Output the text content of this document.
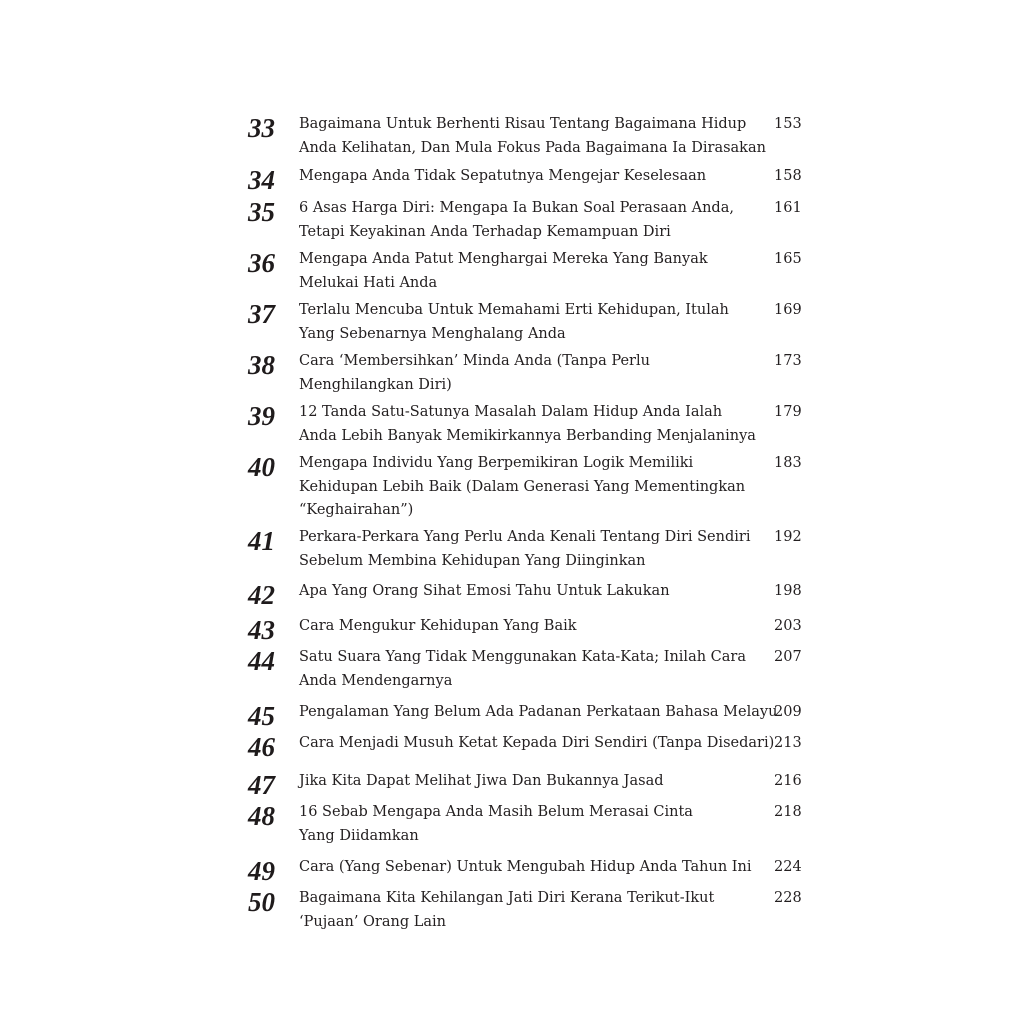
33 Bagaimana Untuk Berhenti Risau Tentang Bagaimana Hidup
Anda Kelihatan, Dan Mula Fokus Pada Bagaimana Ia Dirasakan
153
34 Mengapa Anda Tidak Sepatutnya Mengejar Keselesaan	158
35 6 Asas Harga Diri: Mengapa Ia Bukan Soal Perasaan Anda,
Tetapi Keyakinan Anda Terhadap Kemampuan Diri
161
36 Mengapa Anda Patut Menghargai Mereka Yang Banyak
Melukai Hati Anda
165
37 Terlalu Mencuba Untuk Memahami Erti Kehidupan, Itulah
Yang Sebenarnya Menghalang Anda
169
38 Cara ‘Membersihkan’ Minda Anda (Tanpa Perlu
Menghilangkan Diri)
173
39 12 Tanda Satu-Satunya Masalah Dalam Hidup Anda Ialah
Anda Lebih Banyak Memikirkannya Berbanding Menjalaninya
179
40 Mengapa Individu Yang Berpemikiran Logik Memiliki
Kehidupan Lebih Baik (Dalam Generasi Yang Mementingkan
“Keghairahan”)
183
41 Perkara-Perkara Yang Perlu Anda Kenali Tentang Diri Sendiri
Sebelum Membina Kehidupan Yang Diinginkan
192
42 Apa Yang Orang Sihat Emosi Tahu Untuk Lakukan	198
43 Cara Mengukur Kehidupan Yang Baik	203
44 Satu Suara Yang Tidak Menggunakan Kata-Kata; Inilah Cara
Anda Mendengarnya
207
45 Pengalaman Yang Belum Ada Padanan Perkataan Bahasa Melayu
209
46 Cara Menjadi Musuh Ketat Kepada Diri Sendiri (Tanpa Disedari) 213
47 Jika Kita Dapat Melihat Jiwa Dan Bukannya Jasad	216
48 16 Sebab Mengapa Anda Masih Belum Merasai Cinta
Yang Diidamkan
218
49 Cara (Yang Sebenar) Untuk Mengubah Hidup Anda Tahun Ini	224
50 Bagaimana Kita Kehilangan Jati Diri Kerana Terikut-Ikut
‘Pujaan’ Orang Lain
228
